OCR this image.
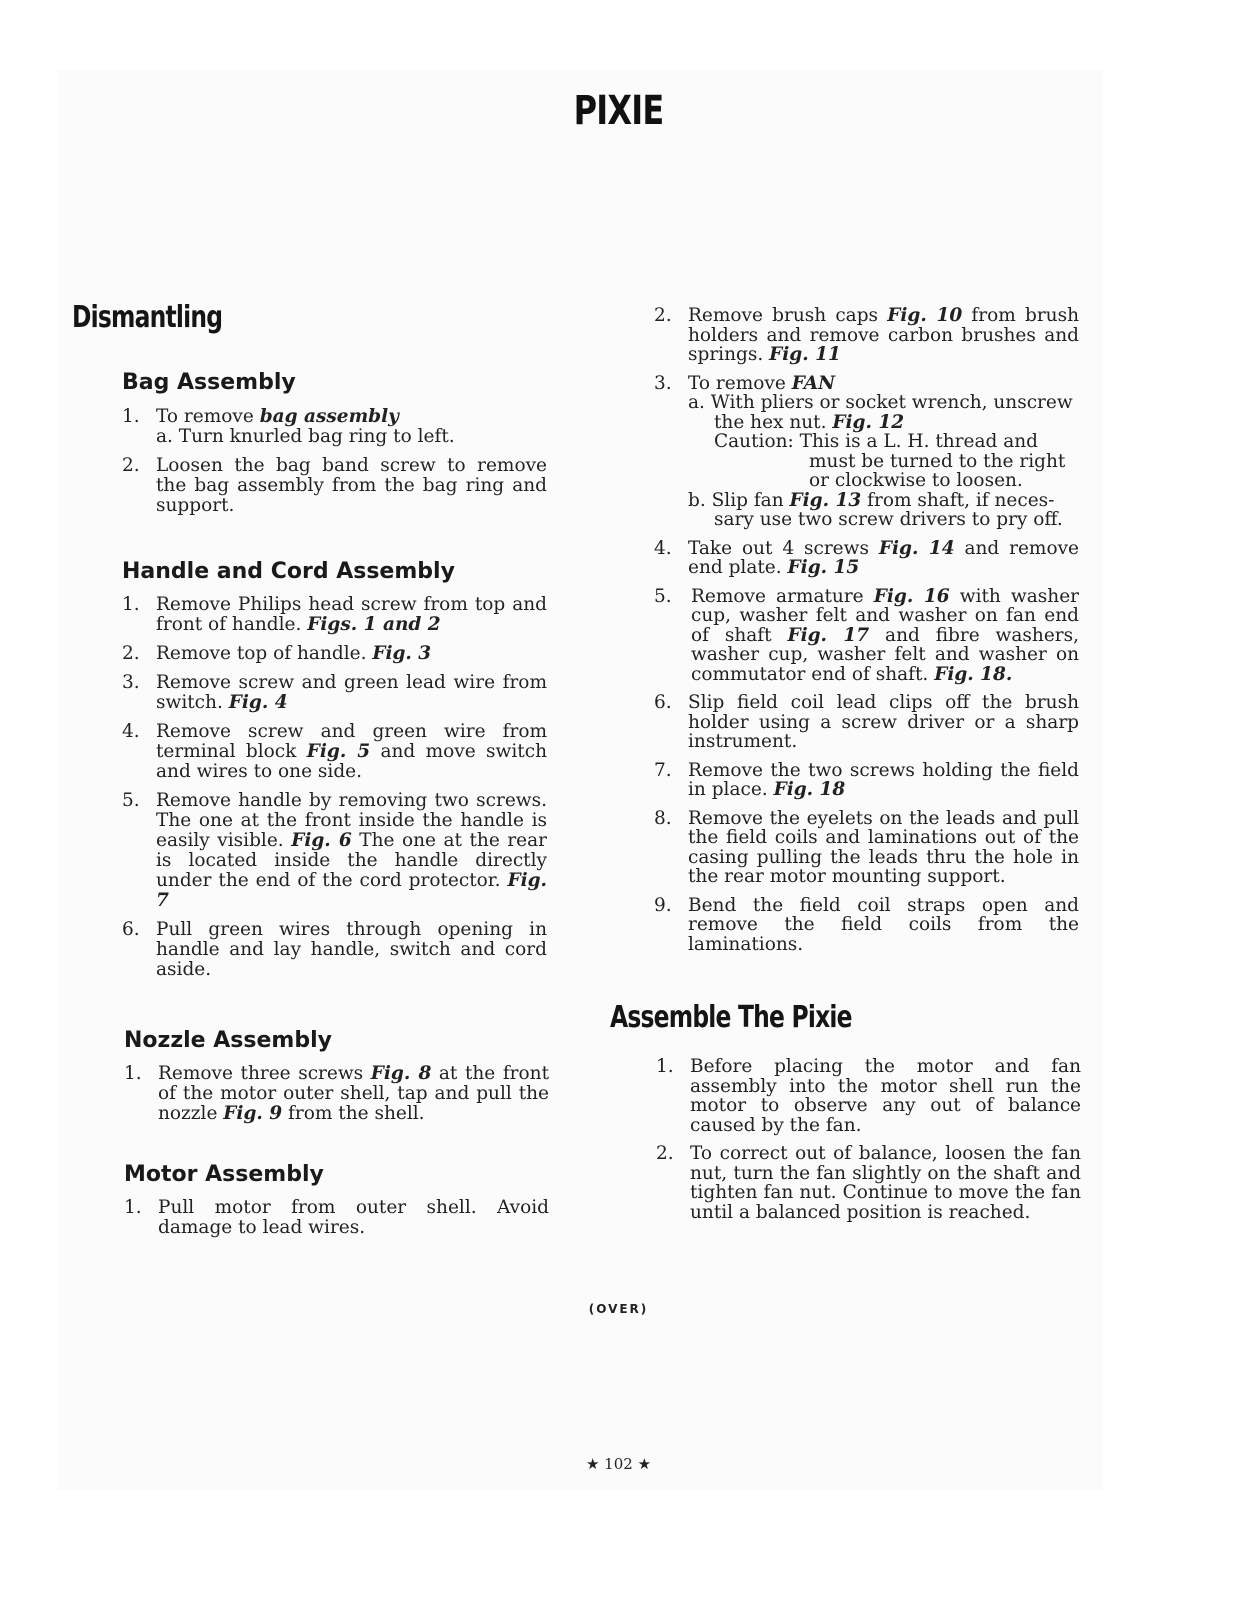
PIXIE
Dismantling
Bag Assembly
1. To remove bag assembly
a. Turn knurled bag ring to left.
2. Loosen the bag band screw to remove the bag assembly from the bag ring and support.
Handle and Cord Assembly
1. Remove Philips head screw from top and front of handle. Figs. 1 and 2
2. Remove top of handle. Fig. 3
3. Remove screw and green lead wire from switch. Fig. 4
4. Remove screw and green wire from terminal block Fig. 5 and move switch and wires to one side.
5. Remove handle by removing two screws. The one at the front inside the handle is easily visible. Fig. 6 The one at the rear is located inside the handle directly under the end of the cord protector. Fig. 7
6. Pull green wires through opening in handle and lay handle, switch and cord aside.
Nozzle Assembly
1. Remove three screws Fig. 8 at the front of the motor outer shell, tap and pull the nozzle Fig. 9 from the shell.
Motor Assembly
1. Pull motor from outer shell. Avoid damage to lead wires.
2. Remove brush caps Fig. 10 from brush holders and remove carbon brushes and springs. Fig. 11
3. To remove FAN
a. With pliers or socket wrench, unscrew
the hex nut. Fig. 12
Caution: This is a L. H. thread and
must be turned to the right
or clockwise to loosen.
b. Slip fan Fig. 13 from shaft, if neces-
sary use two screw drivers to pry off.
4. Take out 4 screws Fig. 14 and remove end plate. Fig. 15
5.	Remove armature Fig. 16 with washer cup, washer felt and washer on fan end of shaft Fig. 17 and fibre washers, washer cup, washer felt and washer on commutator end of shaft. Fig. 18.
6. Slip field coil lead clips off the brush holder using a screw driver or a sharp instrument.
7. Remove the two screws holding the field in place. Fig. 18
8. Remove the eyelets on the leads and pull the field coils and laminations out of the casing pulling the leads thru the hole in the rear motor mounting support.
9. Bend the field coil straps open and remove the field coils from the laminations.
Assemble The Pixie
1. Before placing the motor and fan assembly into the motor shell run the motor to observe any out of balance caused by the fan.
2. To correct out of balance, loosen the fan nut, turn the fan slightly on the shaft and tighten fan nut. Continue to move the fan until a balanced position is reached.

(OVER)

★ 102 ★
